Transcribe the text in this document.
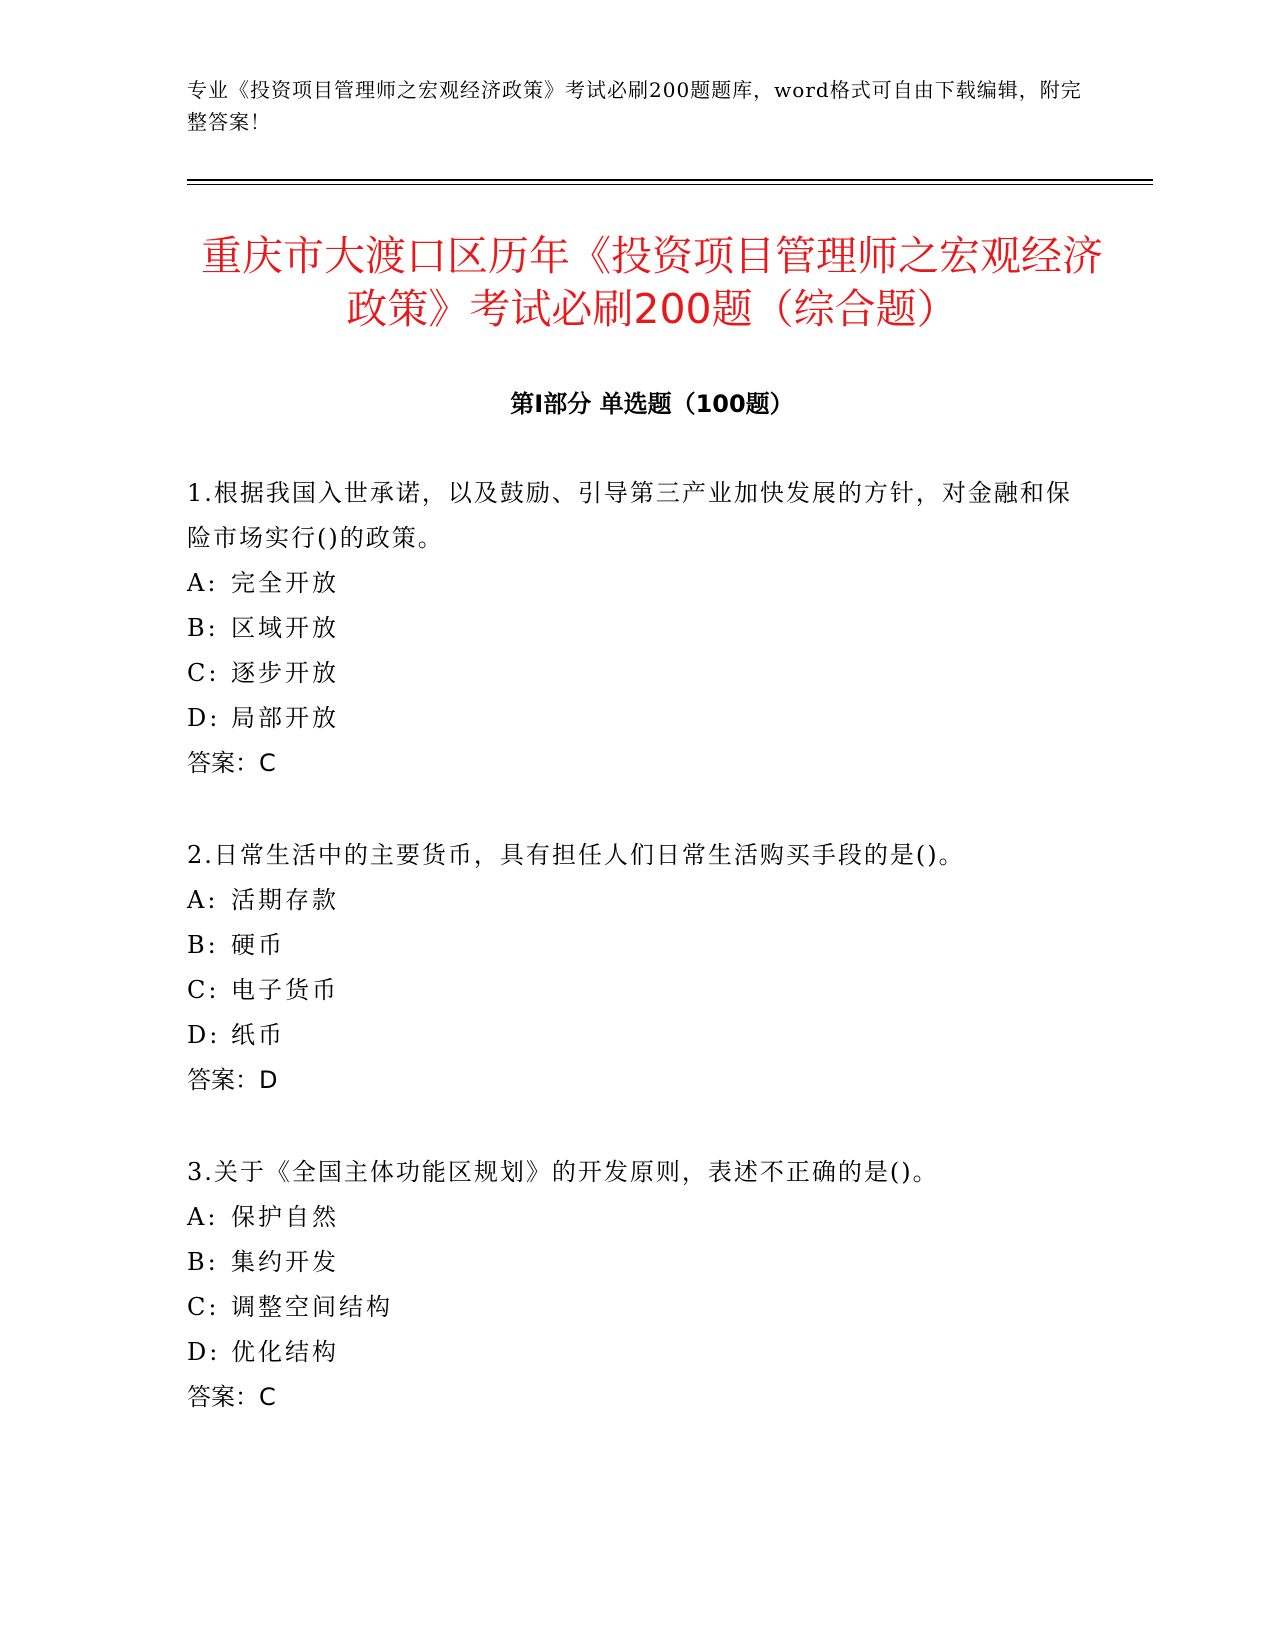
专业《投资项目管理师之宏观经济政策》考试必刷200题题库，word格式可自由下载编辑，附完整答案！
重庆市大渡口区历年《投资项目管理师之宏观经济政策》考试必刷200题（综合题）
第I部分 单选题（100题）

1.根据我国入世承诺，以及鼓励、引导第三产业加快发展的方针，对金融和保险市场实行()的政策。

A: 完全开放

B: 区域开放

C: 逐步开放

D: 局部开放

答案：C

2.日常生活中的主要货币，具有担任人们日常生活购买手段的是()。

A: 活期存款

B: 硬币

C: 电子货币

D: 纸币

答案：D

3.关于《全国主体功能区规划》的开发原则，表述不正确的是()。

A: 保护自然

B: 集约开发

C: 调整空间结构

D: 优化结构

答案：C
